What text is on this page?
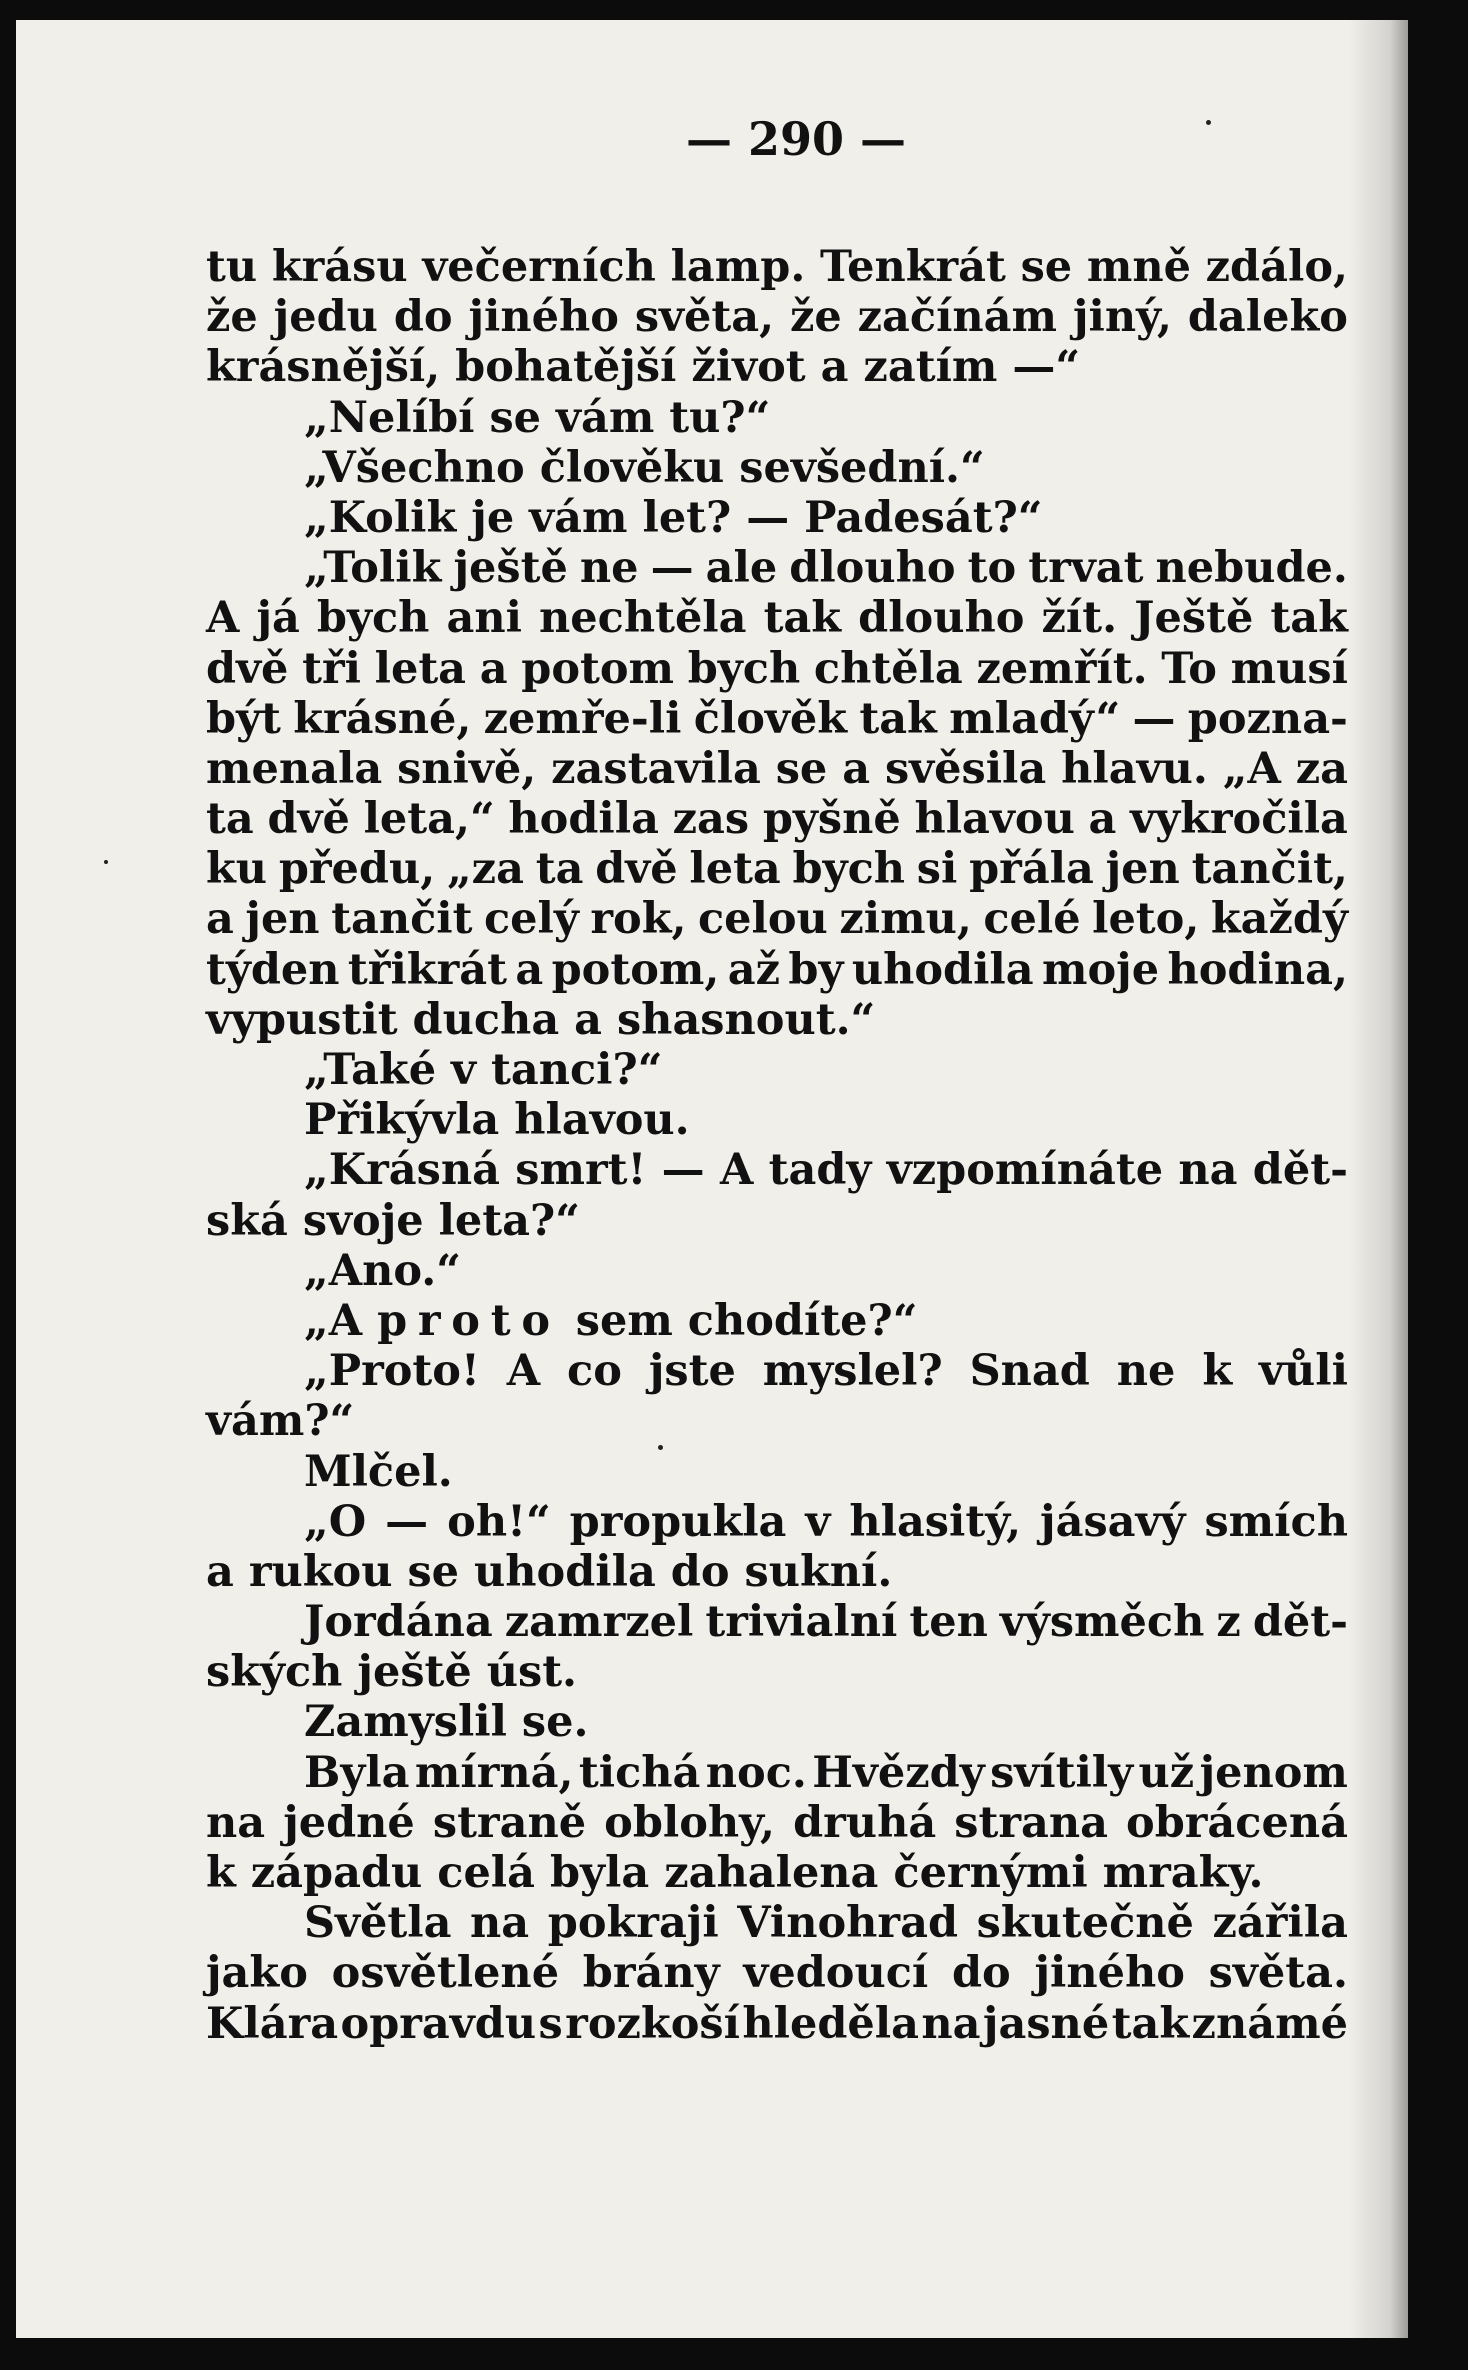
— 290 —
tu krásu večerních lamp. Tenkrát se mně zdálo,
že jedu do jiného světa, že začínám jiný, daleko
krásnější, bohatější život a zatím —“
„Nelíbí se vám tu?“
„Všechno člověku sevšední.“
„Kolik je vám let? — Padesát?“
„Tolik ještě ne — ale dlouho to trvat nebude.
A já bych ani nechtěla tak dlouho žít. Ještě tak
dvě tři leta a potom bych chtěla zemřít. To musí
být krásné, zemře-li člověk tak mladý“ — pozna-
menala snivě, zastavila se a svěsila hlavu. „A za
ta dvě leta,“ hodila zas pyšně hlavou a vykročila
ku předu, „za ta dvě leta bych si přála jen tančit,
a jen tančit celý rok, celou zimu, celé leto, každý
týden třikrát a potom, až by uhodila moje hodina,
vypustit ducha a shasnout.“
„Také v tanci?“
Přikývla hlavou.
„Krásná smrt! — A tady vzpomínáte na dět-
ská svoje leta?“
„Ano.“
„A proto sem chodíte?“
„Proto! A co jste myslel? Snad ne k vůli
vám?“
Mlčel.
„O — oh!“ propukla v hlasitý, jásavý smích
a rukou se uhodila do sukní.
Jordána zamrzel trivialní ten výsměch z dět-
ských ještě úst.
Zamyslil se.
Byla mírná, tichá noc. Hvězdy svítily už jenom
na jedné straně oblohy, druhá strana obrácená
k západu celá byla zahalena černými mraky.
Světla na pokraji Vinohrad skutečně zářila
jako osvětlené brány vedoucí do jiného světa.
Klára opravdu s rozkoší hleděla na jasné tak známé
